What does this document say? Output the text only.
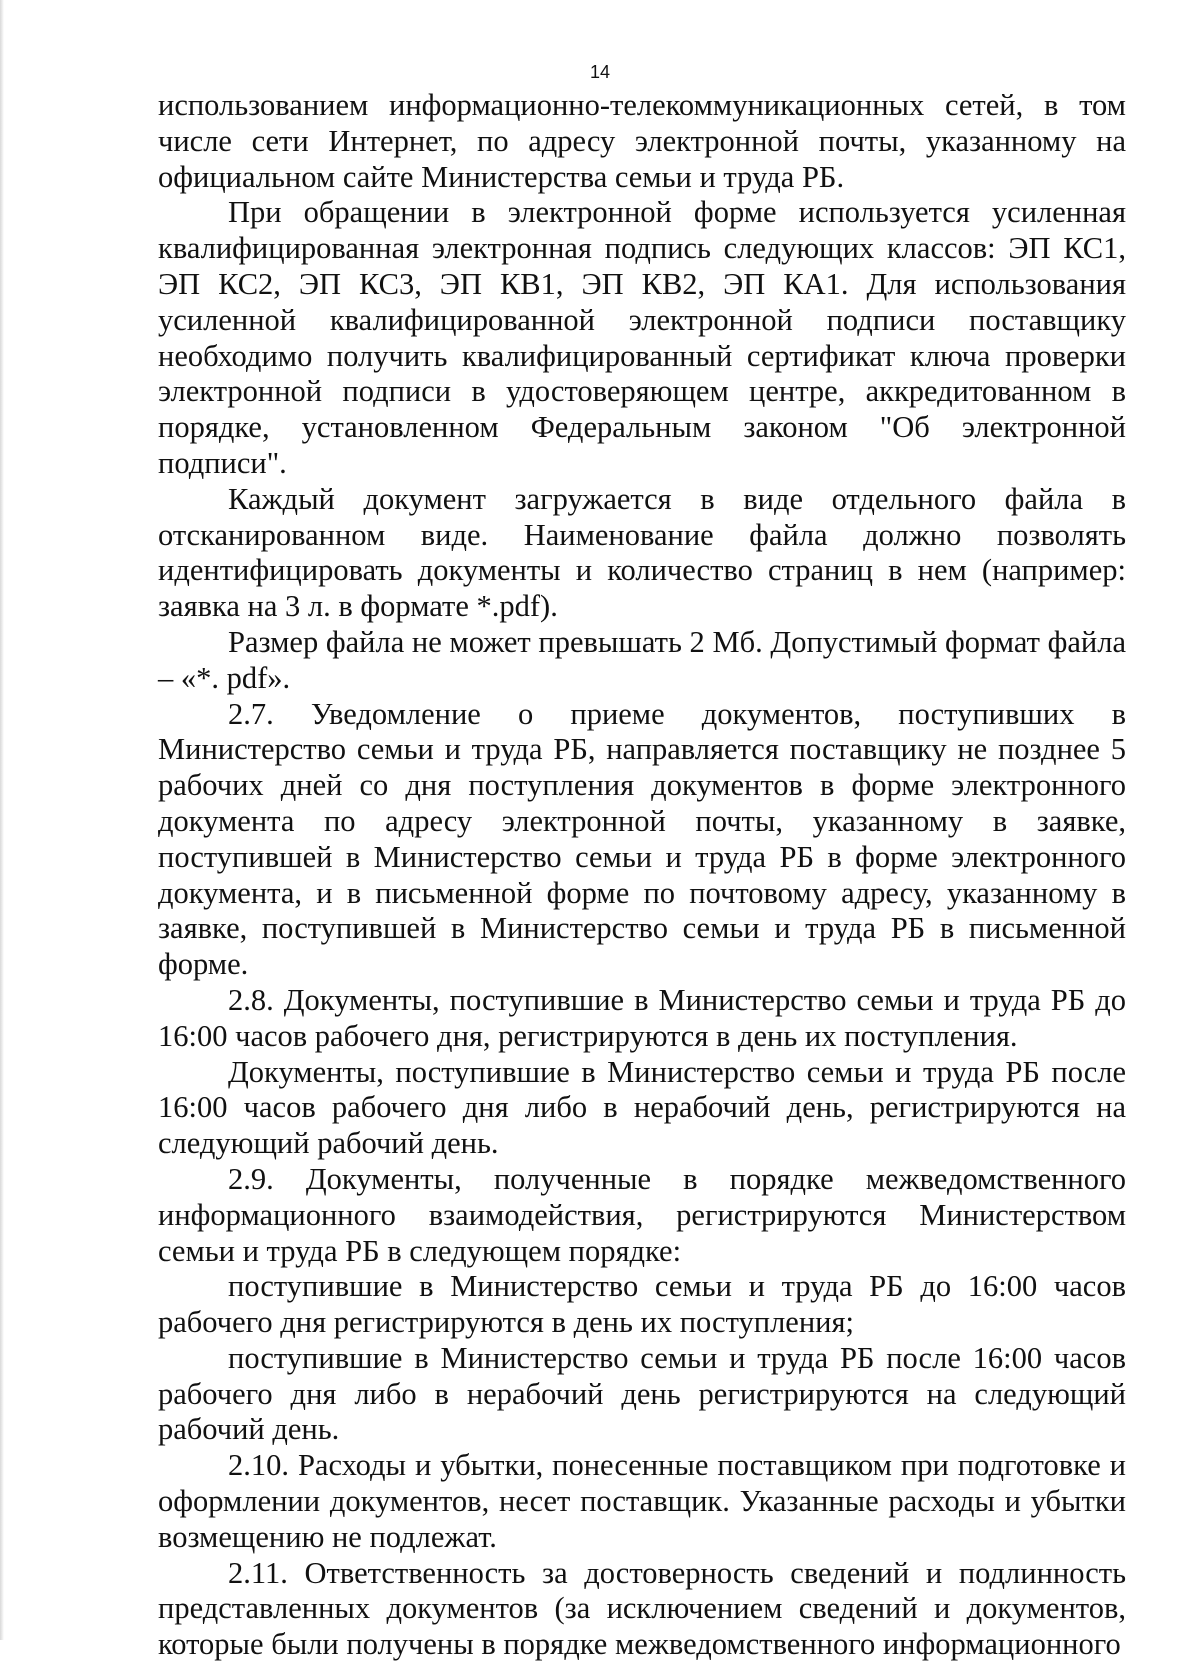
14

использованием информационно-телекоммуникационных сетей, в том числе сети Интернет, по адресу электронной почты, указанному на официальном сайте Министерства семьи и труда РБ.

При обращении в электронной форме используется усиленная квалифицированная электронная подпись следующих классов: ЭП КС1, ЭП КС2, ЭП КС3, ЭП КВ1, ЭП КВ2, ЭП КА1. Для использования усиленной квалифицированной электронной подписи поставщику необходимо получить квалифицированный сертификат ключа проверки электронной подписи в удостоверяющем центре, аккредитованном в порядке, установленном Федеральным законом "Об электронной подписи".

Каждый документ загружается в виде отдельного файла в отсканированном виде. Наименование файла должно позволять идентифицировать документы и количество страниц в нем (например: заявка на 3 л. в формате *.pdf).

Размер файла не может превышать 2 Мб. Допустимый формат файла – «*. pdf».

2.7. Уведомление о приеме документов, поступивших в Министерство семьи и труда РБ, направляется поставщику не позднее 5 рабочих дней со дня поступления документов в форме электронного документа по адресу электронной почты, указанному в заявке, поступившей в Министерство семьи и труда РБ в форме электронного документа, и в письменной форме по почтовому адресу, указанному в заявке, поступившей в Министерство семьи и труда РБ в письменной форме.

2.8. Документы, поступившие в Министерство семьи и труда РБ до 16:00 часов рабочего дня, регистрируются в день их поступления.

Документы, поступившие в Министерство семьи и труда РБ после 16:00 часов рабочего дня либо в нерабочий день, регистрируются на следующий рабочий день.

2.9. Документы, полученные в порядке межведомственного информационного взаимодействия, регистрируются Министерством семьи и труда РБ в следующем порядке:

поступившие в Министерство семьи и труда РБ до 16:00 часов рабочего дня регистрируются в день их поступления;

поступившие в Министерство семьи и труда РБ после 16:00 часов рабочего дня либо в нерабочий день регистрируются на следующий рабочий день.

2.10. Расходы и убытки, понесенные поставщиком при подготовке и оформлении документов, несет поставщик. Указанные расходы и убытки возмещению не подлежат.

2.11. Ответственность за достоверность сведений и подлинность представленных документов (за исключением сведений и документов, которые были получены в порядке межведомственного информационного
